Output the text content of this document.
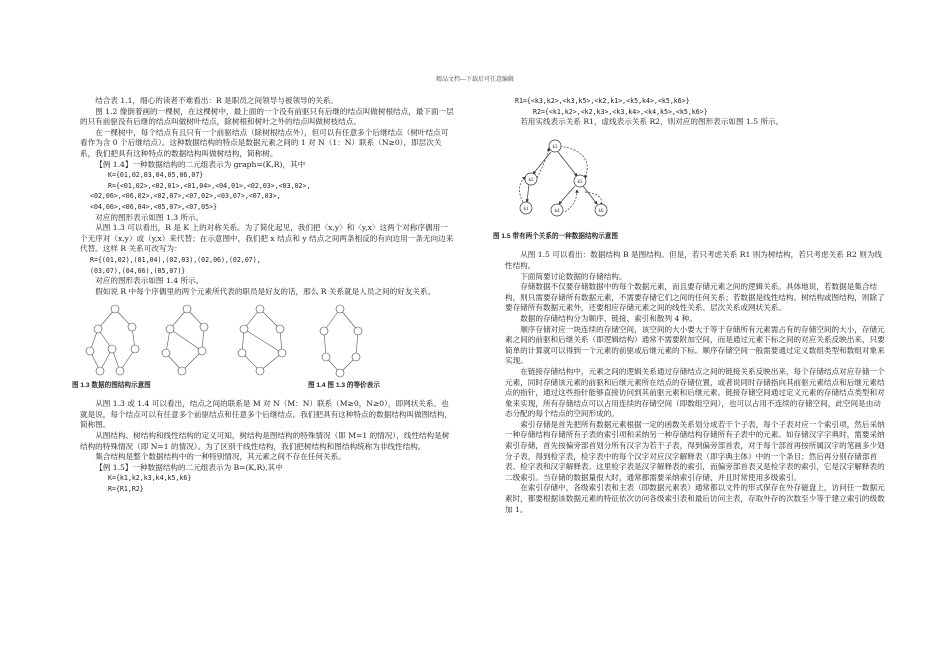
精品文档---下载后可任意编辑

结合表 1.1，细心的读者不难看出：R 是职员之间领导与被领导的关系。

图 1.2 像倒着画的一棵树，在这棵树中，最上面的一个没有前驱只有后继的结点叫做树根结点，最下面一层的只有前驱没有后继的结点叫做树叶结点，除树根和树叶之外的结点叫做树枝结点。

在一棵树中，每个结点有且只有一个前驱结点（除树根结点外），但可以有任意多个后继结点（树叶结点可看作为含 0 个后继结点）。这种数据结构的特点是数据元素之间的 1 对 N（1：N）联系（N≥0），即层次关系，我们把具有这种特点的数据结构叫做树结构，简称树。

【例 1.4】一种数据结构的二元组表示为 graph=(K,R)，其中

K={01,02,03,04,05,06,07}
R={<01,02>,<02,01>,<01,04>,<04,01>,<02,03>,<03,02>,
<02,06>,<06,02>,<02,07>,<07,02>,<03,07>,<07,03>,
<04,06>,<06,04>,<05,07>,<07,05>}

对应的图形表示如图 1.3 所示。

从图 1.3 可以看出，R 是 K 上的对称关系。为了简化起见，我们把〈x,y〉和〈y,x〉这两个对称序偶用一个无序对（x,y）或（y,x）来代替；在示意图中，我们把 x 结点和 y 结点之间两条相反的有向边用一条无向边来代替。这样 R 关系可改写为：

R={(01,02),(01,04),(02,03),(02,06),(02,07),
(03,07),(04,06),(05,07)}

对应的图形表示如图 1.4 所示。

假如说 R 中每个序偶里的两个元素所代表的职员是好友的话，那么 R 关系就是人员之间的好友关系。

图 1.3 数据的图结构示意图	图 1.4 图 1.3 的等价表示

从图 1.3 或 1.4 可以看出，结点之间的联系是 M 对 N（M：N）联系（M≥0，N≥0），即网状关系。也就是说，每个结点可以有任意多个前驱结点和任意多个后继结点。我们把具有这种特点的数据结构叫做图结构，简称图。

从图结构、树结构和线性结构的定义可知，树结构是图结构的特殊情况（即 M=1 的情况），线性结构是树结构的特殊情况（即 N=1 的情况）。为了区别于线性结构，我们把树结构和图结构统称为非线性结构。

集合结构是整个数据结构中的一种特别情况，其元素之间不存在任何关系。

【例 1.5】一种数据结构的二元组表示为 B=(K,R),其中

K={k1,k2,k3,k4,k5,k6}
R={R1,R2}
R1={<k3,k2>,<k3,k5>,<k2,k1>,<k5,k4>,<k5,k6>}
R2={<k1,k2>,<k2,k3>,<k3,k4>,<k4,k5>,<k5,k6>}

若用实线表示关系 R1，虚线表示关系 R2，则对应的图形表示如图 1.5 所示。

k3
k2	k5
k1	k4	k6
图 1.5 带有两个关系的一种数据结构示意图

从图 1.5 可以看出：数据结构 B 是图结构。但是，若只考虑关系 R1 则为树结构，若只考虑关系 R2 则为线性结构。

下面简要讨论数据的存储结构。

存储数据不仅要存储数据中的每个数据元素，而且要存储元素之间的逻辑关系。具体地说，若数据是集合结构，则只需要存储所有数据元素，不需要存储它们之间的任何关系；若数据是线性结构、树结构或图结构，则除了要存储所有数据元素外，还要相应存储元素之间的线性关系、层次关系或网状关系。

数据的存储结构分为顺序、链接、索引和散列 4 种。

顺序存储对应一块连续的存储空间，该空间的大小要大于等于存储所有元素需占有的存储空间的大小，存储元素之间的前驱和后继关系（即逻辑结构）通常不需要附加空间，而是通过元素下标之间的对应关系反映出来，只要简单的计算就可以得到一个元素的前驱或后继元素的下标。顺序存储空间一般需要通过定义数组类型和数组对象来实现。

在链接存储结构中，元素之间的逻辑关系通过存储结点之间的链接关系反映出来，每个存储结点对应存储一个元素，同时存储该元素的前驱和后继元素所在结点的存储位置，或者说同时存储指向其前驱元素结点和后继元素结点的指针，通过这些指针能够直接访问到其前驱元素和后继元素。链接存储空间通过定义元素的存储结点类型和对象来实现，所有存储结点可以占用连续的存储空间（即数组空间），也可以占用不连续的存储空间，此空间是由动态分配的每个结点的空间形成的。

索引存储是首先把所有数据元素根据一定的函数关系划分成若干个子表，每个子表对应一个索引项，然后采纳一种存储结构存储所有子表的索引项和采纳另一种存储结构存储所有子表中的元素。如存储汉字字典时，需要采纳索引存储，首先按偏旁部首划分所有汉字为若干子表，得到偏旁部首表，对于每个部首再按所属汉字的笔画多少划分子表，得到检字表，检字表中的每个汉字对应汉字解释表（即字典主体）中的一个条目；然后再分别存储部首表、检字表和汉字解释表。这里检字表是汉字解释表的索引，而偏旁部首表又是检字表的索引，它是汉字解释表的二级索引。当存储的数据量很大时，通常都需要采纳索引存储，并且时常使用多级索引。

在索引存储中，各级索引表和主表（即数据元素表）通常都以文件的形式保存在外存磁盘上，访问任一数据元素时，都要根据该数据元素的特征依次访问各级索引表和最后访问主表，存取外存的次数至少等于建立索引的级数加 1。
